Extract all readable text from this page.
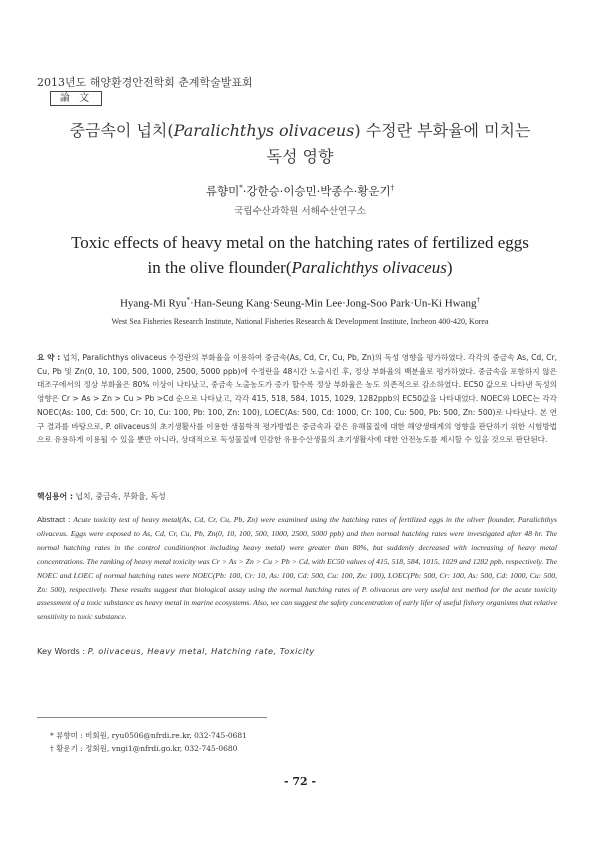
2013년도 해양환경안전학회 춘계학술발표회
論 文
중금속이 넙치(Paralichthys olivaceus) 수정란 부화율에 미치는
독성 영향
류향미*·강한승·이승민·박종수·황운기†
국립수산과학원 서해수산연구소
Toxic effects of heavy metal on the hatching rates of fertilized eggs
in the olive flounder(Paralichthys olivaceus)
Hyang-Mi Ryu*·Han-Seung Kang·Seung-Min Lee·Jong-Soo Park·Un-Ki Hwang†
West Sea Fisheries Research Institute, National Fisheries Research & Development Institute, Incheon 400-420, Korea
요 약 : 넙치, Paralichthys olivaceus 수정란의 부화율을 이용하여 중금속(As, Cd, Cr, Cu, Pb, Zn)의 독성 영향을 평가하였다. 각각의 중금속 As, Cd, Cr, Cu, Pb 및 Zn(0, 10, 100, 500, 1000, 2500, 5000 ppb)에 수정란을 48시간 노출시킨 후, 정상 부화율의 백분율로 평가하였다. 중금속을 포함하지 않은 대조구에서의 정상 부화율은 80% 이상이 나타났고, 중금속 노출농도가 증가 할수록 정상 부화율은 농도 의존적으로 감소하였다. EC50 값으로 나타낸 독성의 영향은 Cr > As > Zn > Cu > Pb >Cd 순으로 나타났고, 각각 415, 518, 584, 1015, 1029, 1282ppb의 EC50값을 나타내었다. NOEC와 LOEC는 각각 NOEC(As: 100, Cd: 500, Cr: 10, Cu: 100, Pb: 100, Zn: 100), LOEC(As: 500, Cd: 1000, Cr: 100, Cu: 500, Pb: 500, Zn: 500)로 나타났다. 본 연구 결과를 바탕으로, P. olivaceus의 초기생활사를 이용한 생물학적 평가방법은 중금속과 같은 유해물질에 대한 해양생태계의 영향을 판단하기 위한 시험방법으로 유용하게 이용될 수 있을 뿐만 아니라, 상대적으로 독성물질에 민감한 유용수산생물의 초기생활사에 대한 안전농도를 제시할 수 있을 것으로 판단된다.
핵심용어 : 넙치, 중금속, 부화율, 독성
Abstract : Acute toxicity test of heavy metal(As, Cd, Cr, Cu, Pb, Zn) were examined using the hatching rates of fertilized eggs in the oliver flounder, Paralichthys olivaceus. Eggs were exposed to As, Cd, Cr, Cu, Pb, Zn(0, 10, 100, 500, 1000, 2500, 5000 ppb) and then normal hatching rates were investigated after 48 hr. The normal hatching rates in the control condition(not including heavy metal) were greater than 80%, but suddenly decreased with increasing of heavy metal concentrations. The ranking of heavy metal toxicity was Cr > As > Zn > Cu > Pb > Cd, with EC50 values of 415, 518, 584, 1015, 1029 and 1282 ppb, respectively. The NOEC and LOEC of normal hatching rates were NOEC(Pb: 100, Cr: 10, As: 100, Cd: 500, Cu: 100, Zn: 100), LOEC(Pb: 500, Cr: 100, As: 500, Cd: 1000, Cu: 500, Zn: 500), respectively. These results suggest that biological assay using the normal hatching rates of P. olivaceus are very useful test method for the acute toxicity assessment of a toxic substance as heavy metal in marine ecosystems. Also, we can suggest the safety concentration of early lifer of useful fishery organisms that relative sensitivity to toxic substance.
Key Words : P. olivaceus, Heavy metal, Hatching rate, Toxicity
* 류향미 : 비회원, ryu0506@nfrdi.re.kr, 032-745-0681
† 황운기 : 정회원, vngi1@nfrdi.go.kr, 032-745-0680
- 72 -
